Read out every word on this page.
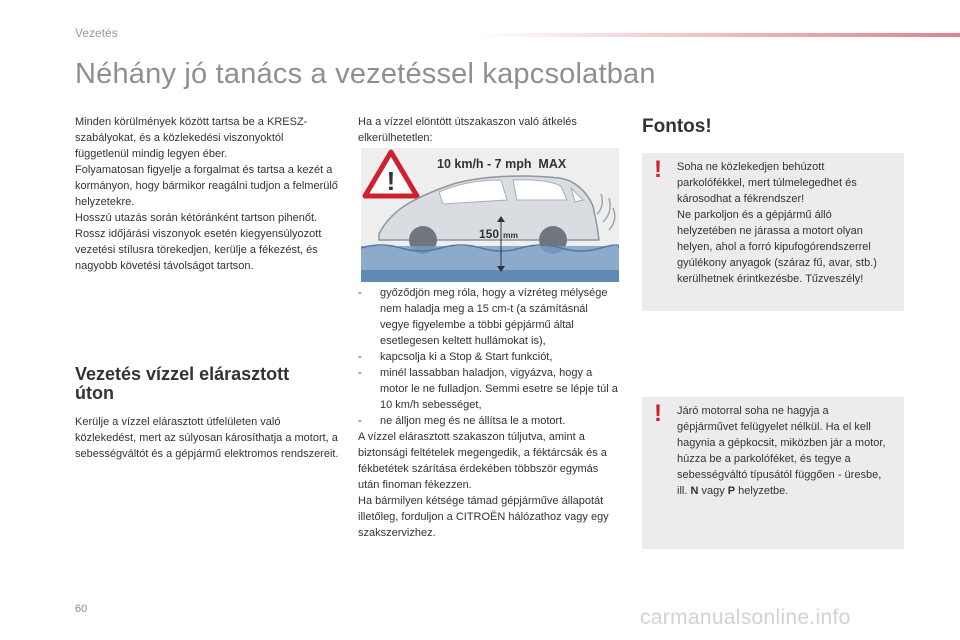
Vezetés
Néhány jó tanács a vezetéssel kapcsolatban

Minden körülmények között tartsa be a KRESZ-szabályokat, és a közlekedési viszonyoktól függetlenül mindig legyen éber.

Folyamatosan figyelje a forgalmat és tartsa a kezét a kormányon, hogy bármikor reagálni tudjon a felmerülő helyzetekre.

Hosszú utazás során kétóránként tartson pihenőt.

Rossz időjárási viszonyok esetén kiegyensúlyozott vezetési stílusra törekedjen, kerülje a fékezést, és nagyobb követési távolságot tartson.

Vezetés vízzel elárasztott úton

Kerülje a vízzel elárasztott útfelületen való közlekedést, mert az súlyosan károsíthatja a motort, a sebességváltót és a gépjármű elektromos rendszereit.

Ha a vízzel elöntött útszakaszon való átkelés elkerülhetetlen:

!
10 km/h - 7 mph  MAX
150 mm
-	győződjön meg róla, hogy a vízréteg mélysége nem haladja meg a 15 cm-t (a számításnál vegye figyelembe a többi gépjármű által esetlegesen keltett hullámokat is),
-	kapcsolja ki a Stop & Start funkciót,
-	minél lassabban haladjon, vigyázva, hogy a motor le ne fulladjon. Semmi esetre se lépje túl a 10 km/h sebességet,
-	ne álljon meg és ne állítsa le a motort.

A vízzel elárasztott szakaszon túljutva, amint a biztonsági feltételek megengedik, a féktárcsák és a fékbetétek szárítása érdekében többször egymás után finoman fékezzen.

Ha bármilyen kétsége támad gépjárműve állapotát illetőleg, forduljon a CITROËN hálózathoz vagy egy szakszervizhez.

Fontos!
! Soha ne közlekedjen behúzott parkolófékkel, mert túlmelegedhet és károsodhat a fékrendszer!

Ne parkoljon és a gépjármű álló helyzetében ne járassa a motort olyan helyen, ahol a forró kipufogórendszerrel gyúlékony anyagok (száraz fű, avar, stb.) kerülhetnek érintkezésbe. Tűzveszély!

! Járó motorral soha ne hagyja a gépjárművet felügyelet nélkül. Ha el kell hagynia a gépkocsit, miközben jár a motor, húzza be a parkolóféket, és tegye a sebességváltó típusától függően - üresbe, ill. N vagy P helyzetbe.

60	carmanualsonline.info
